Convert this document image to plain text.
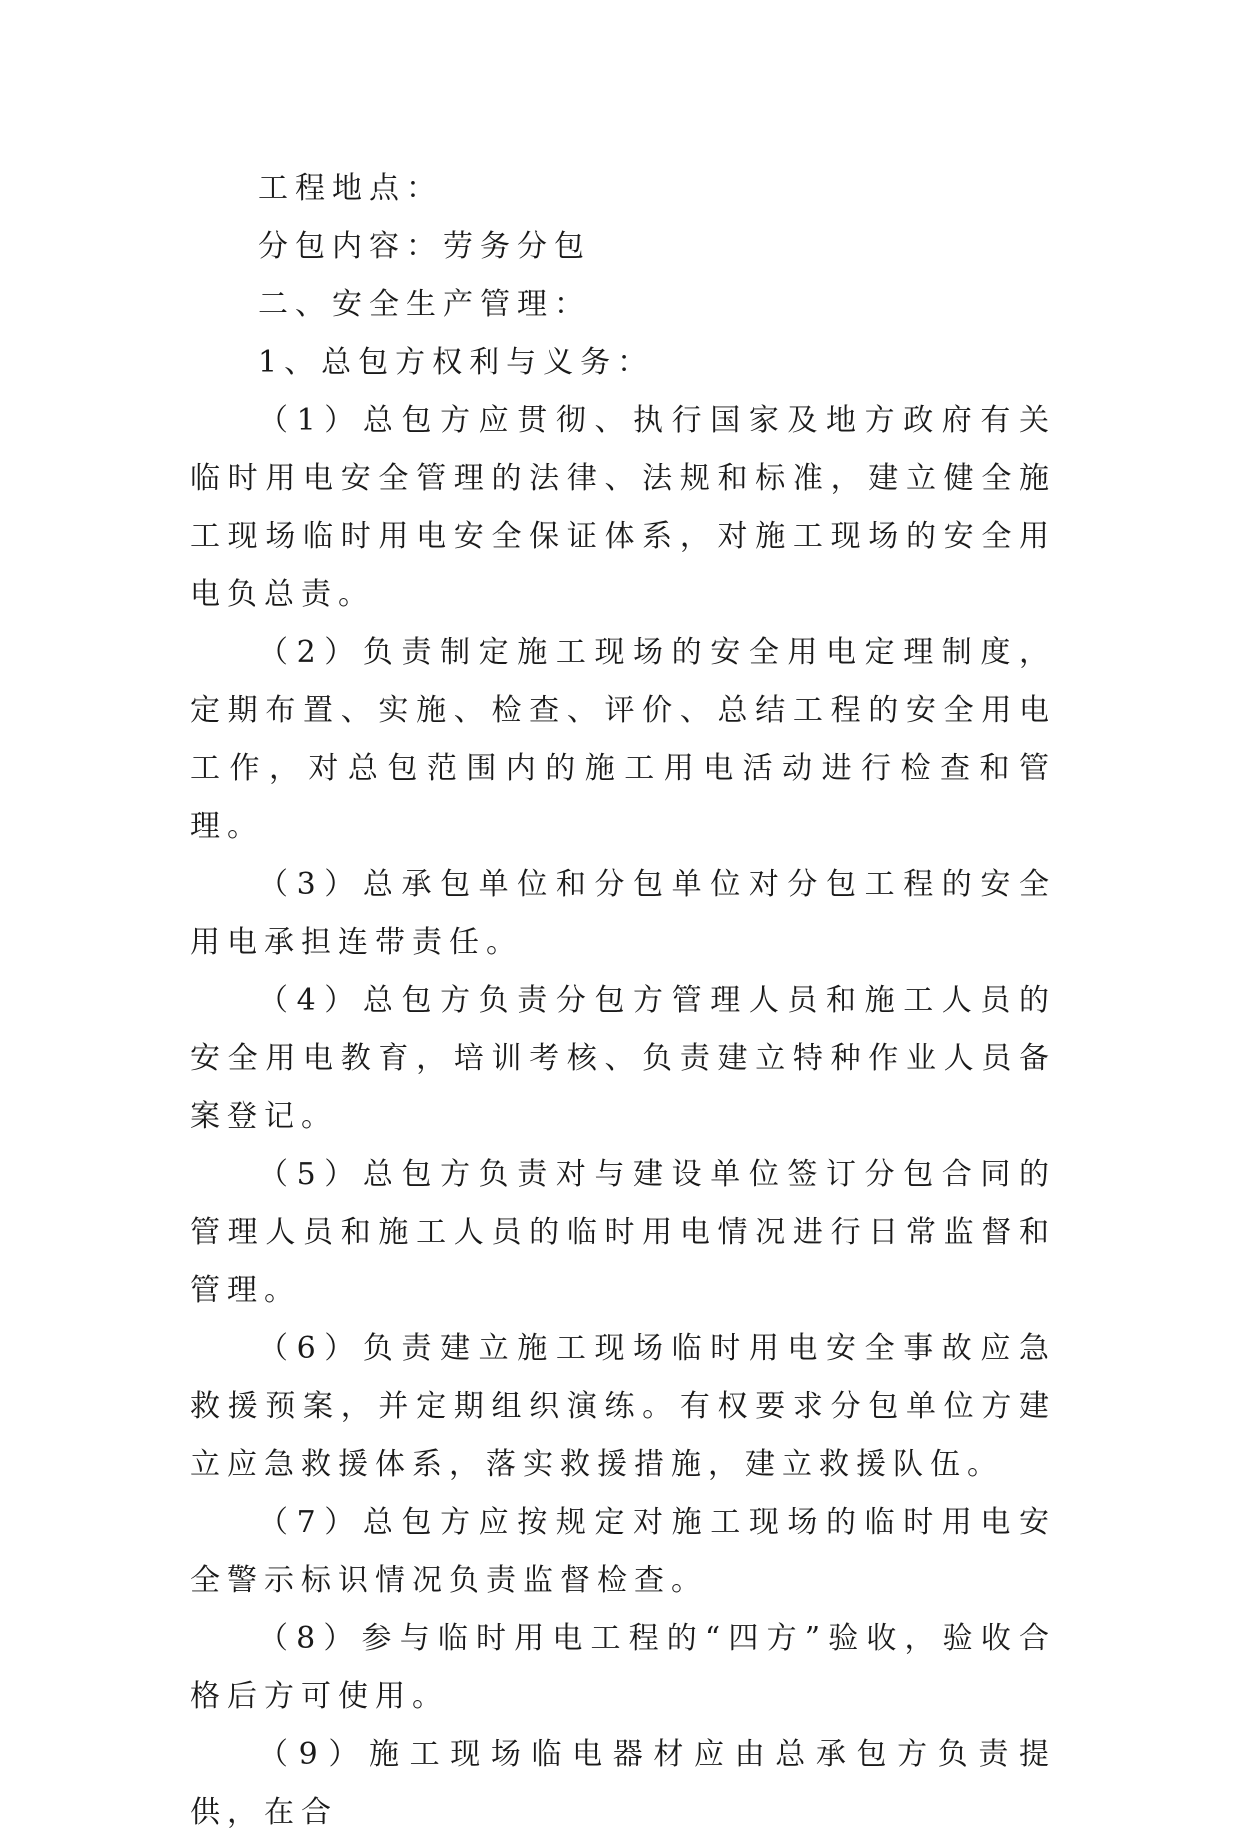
工程地点：

分包内容：劳务分包

二、安全生产管理：

1、总包方权利与义务：

（1）总包方应贯彻、执行国家及地方政府有关临时用电安全管理的法律、法规和标准，建立健全施工现场临时用电安全保证体系，对施工现场的安全用电负总责。

（2）负责制定施工现场的安全用电定理制度，定期布置、实施、检查、评价、总结工程的安全用电工作，对总包范围内的施工用电活动进行检查和管理。

（3）总承包单位和分包单位对分包工程的安全用电承担连带责任。

（4）总包方负责分包方管理人员和施工人员的安全用电教育，培训考核、负责建立特种作业人员备案登记。

（5）总包方负责对与建设单位签订分包合同的管理人员和施工人员的临时用电情况进行日常监督和管理。

（6）负责建立施工现场临时用电安全事故应急救援预案，并定期组织演练。有权要求分包单位方建立应急救援体系，落实救援措施，建立救援队伍。

（7）总包方应按规定对施工现场的临时用电安全警示标识情况负责监督检查。

（8）参与临时用电工程的“四方”验收，验收合格后方可使用。

（9）施工现场临电器材应由总承包方负责提供，在合
